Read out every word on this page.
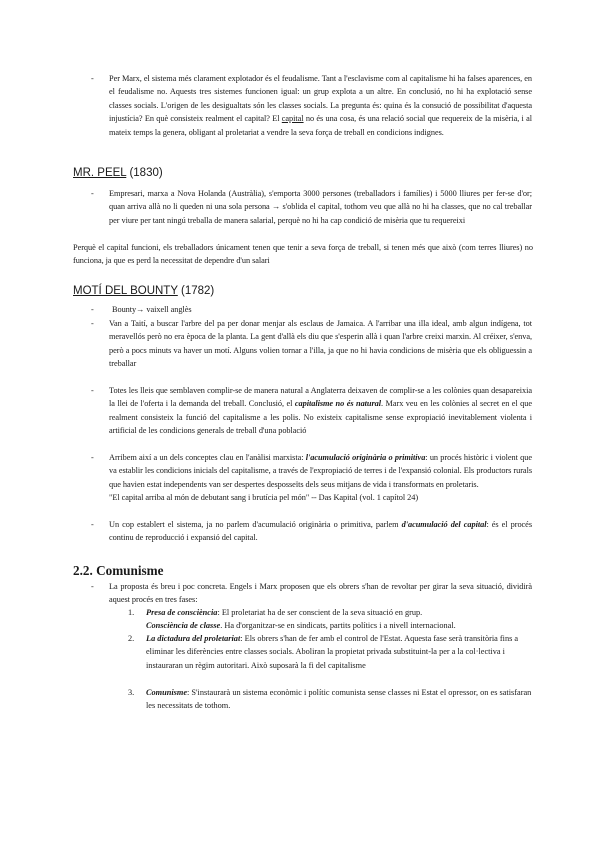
- Per Marx, el sistema més clarament explotador és el feudalisme. Tant a l'esclavisme com al capitalisme hi ha falses aparences, en el feudalisme no. Aquests tres sistemes funcionen igual: un grup explota a un altre. En conclusió, no hi ha explotació sense classes socials. L'origen de les desigualtats són les classes socials. La pregunta és: quina és la consució de possibilitat d'aquesta injustícia? En què consisteix realment el capital? El capital no és una cosa, és una relació social que requereix de la misèria, i al mateix temps la genera, obligant al proletariat a vendre la seva força de treball en condicions indignes.
MR. PEEL (1830)
- Empresari, marxa a Nova Holanda (Austràlia), s'emporta 3000 persones (treballadors i famílies) i 5000 lliures per fer-se d'or; quan arriva allà no li queden ni una sola persona → s'oblida el capital, tothom veu que allà no hi ha classes, que no cal treballar per viure per tant ningú treballa de manera salarial, perquè no hi ha cap condició de misèria que tu requereixi
Perquè el capital funcioni, els treballadors únicament tenen que tenir a seva força de treball, si tenen més que això (com terres lliures) no funciona, ja que es perd la necessitat de dependre d'un salari
MOTÍ DEL BOUNTY (1782)
- Bounty→ vaixell anglès
- Van a Taití, a buscar l'arbre del pa per donar menjar als esclaus de Jamaica. A l'arribar una illa ideal, amb algun indígena, tot meravellós però no era època de la planta. La gent d'allà els diu que s'esperin allà i quan l'arbre creixi marxin. Al créixer, s'enva, però a pocs minuts va haver un motí. Alguns volien tornar a l'illa, ja que no hi havia condicions de misèria que els obliguessin a treballar
- Totes les lleis que semblaven complir-se de manera natural a Anglaterra deixaven de complir-se a les colònies quan desapareixia la llei de l'oferta i la demanda del treball. Conclusió, el capitalisme no és natural. Marx veu en les colònies al secret en el que realment consisteix la funció del capitalisme a les polis. No existeix capitalisme sense expropiació inevitablement violenta i artificial de les condicions generals de treball d'una població
- Arribem així a un dels conceptes clau en l'anàlisi marxista: l'acumulació originària o primitiva: un procés històric i violent que va establir les condicions inicials del capitalisme, a través de l'expropiació de terres i de l'expansió colonial. Els productors rurals que havien estat independents van ser despertes desposseïts dels seus mitjans de vida i transformats en proletaris.
"El capital arriba al món de debutant sang i brutícia pel món" -- Das Kapital (vol. 1 capítol 24)
- Un cop establert el sistema, ja no parlem d'acumulació originària o primitiva, parlem d'acumulació del capital: és el procés continu de reproducció i expansió del capital.
2.2. Comunisme
- La proposta és breu i poc concreta. Engels i Marx proposen que els obrers s'han de revoltar per girar la seva situació, dividirà aquest procés en tres fases:
1. Presa de consciència: El proletariat ha de ser conscient de la seva situació en grup.
Consciència de classe. Ha d'organitzar-se en sindicats, partits polítics i a nivell internacional.
2. La dictadura del proletariat: Els obrers s'han de fer amb el control de l'Estat. Aquesta fase serà transitòria fins a eliminar les diferències entre classes socials. Aboliran la propietat privada substituint-la per a la col·lectiva i instauraran un règim autoritari. Això suposarà la fi del capitalisme
3. Comunisme: S'instaurarà un sistema econòmic i polític comunista sense classes ni Estat el opressor, on es satisfaran les necessitats de tothom.
